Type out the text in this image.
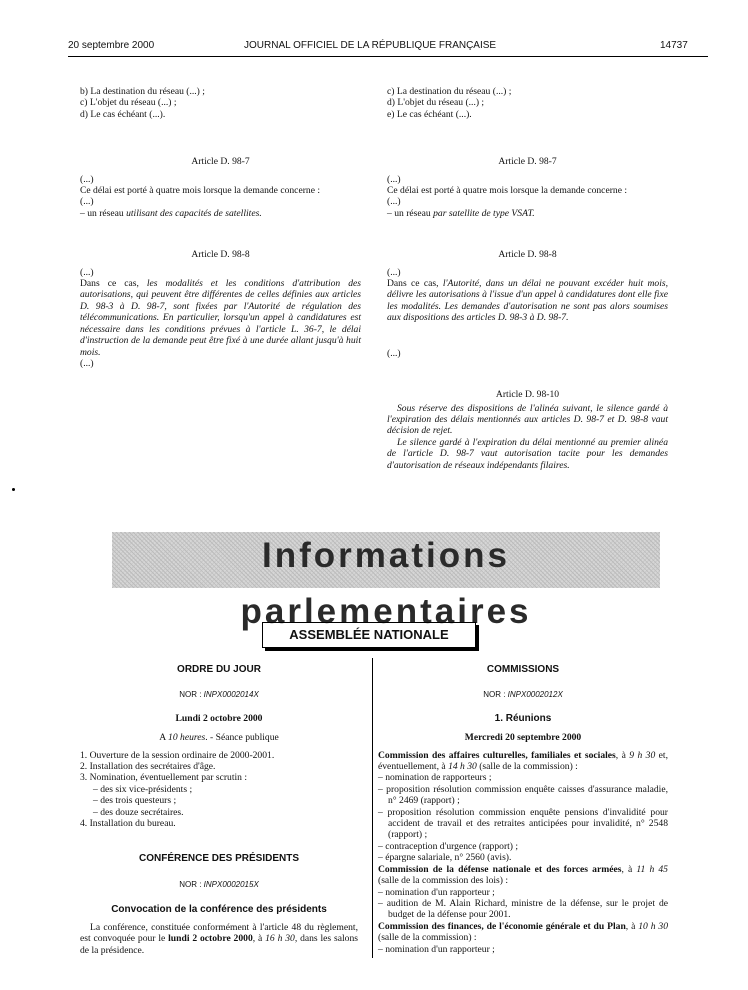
20 septembre 2000	JOURNAL OFFICIEL DE LA RÉPUBLIQUE FRANÇAISE	14737

b) La destination du réseau (...) ;

c) L'objet du réseau (...) ;

d) Le cas échéant (...).

Article D. 98-7

(...)

Ce délai est porté à quatre mois lorsque la demande concerne :

(...)

– un réseau utilisant des capacités de satellites.

Article D. 98-8

(...)

Dans ce cas, les modalités et les conditions d'attribution des autorisations, qui peuvent être différentes de celles définies aux articles D. 98-3 à D. 98-7, sont fixées par l'Autorité de régulation des télécommunications. En particulier, lorsqu'un appel à candidatures est nécessaire dans les conditions prévues à l'article L. 36-7, le délai d'instruction de la demande peut être fixé à une durée allant jusqu'à huit mois.

(...)

c) La destination du réseau (...) ;

d) L'objet du réseau (...) ;

e) Le cas échéant (...).

Article D. 98-7

(...)

Ce délai est porté à quatre mois lorsque la demande concerne :

(...)

– un réseau par satellite de type VSAT.

Article D. 98-8

(...)

Dans ce cas, l'Autorité, dans un délai ne pouvant excéder huit mois, délivre les autorisations à l'issue d'un appel à candidatures dont elle fixe les modalités. Les demandes d'autorisation ne sont pas alors soumises aux dispositions des articles D. 98-3 à D. 98-7.

(...)

Article D. 98-10

Sous réserve des dispositions de l'alinéa suivant, le silence gardé à l'expiration des délais mentionnés aux articles D. 98-7 et D. 98-8 vaut décision de rejet.

Le silence gardé à l'expiration du délai mentionné au premier alinéa de l'article D. 98-7 vaut autorisation tacite pour les demandes d'autorisation de réseaux indépendants filaires.

Informations parlementaires
ASSEMBLÉE NATIONALE

ORDRE DU JOUR

NOR : INPX0002014X

Lundi 2 octobre 2000

A 10 heures. - Séance publique

1. Ouverture de la session ordinaire de 2000-2001.
2. Installation des secrétaires d'âge.
3. Nomination, éventuellement par scrutin :
– des six vice-présidents ;
– des trois questeurs ;
– des douze secrétaires.
4. Installation du bureau.

CONFÉRENCE DES PRÉSIDENTS

NOR : INPX0002015X

Convocation de la conférence des présidents

La conférence, constituée conformément à l'article 48 du règlement, est convoquée pour le lundi 2 octobre 2000, à 16 h 30, dans les salons de la présidence.

COMMISSIONS

NOR : INPX0002012X

1. Réunions

Mercredi 20 septembre 2000

Commission des affaires culturelles, familiales et sociales, à 9 h 30 et, éventuellement, à 14 h 30 (salle de la commission) :

– nomination de rapporteurs ;
– proposition résolution commission enquête caisses d'assurance maladie, n° 2469 (rapport) ;
– proposition résolution commission enquête pensions d'invalidité pour accident de travail et des retraites anticipées pour invalidité, n° 2548 (rapport) ;
– contraception d'urgence (rapport) ;
– épargne salariale, n° 2560 (avis).

Commission de la défense nationale et des forces armées, à 11 h 45 (salle de la commission des lois) :

– nomination d'un rapporteur ;
– audition de M. Alain Richard, ministre de la défense, sur le projet de budget de la défense pour 2001.

Commission des finances, de l'économie générale et du Plan, à 10 h 30 (salle de la commission) :

– nomination d'un rapporteur ;
